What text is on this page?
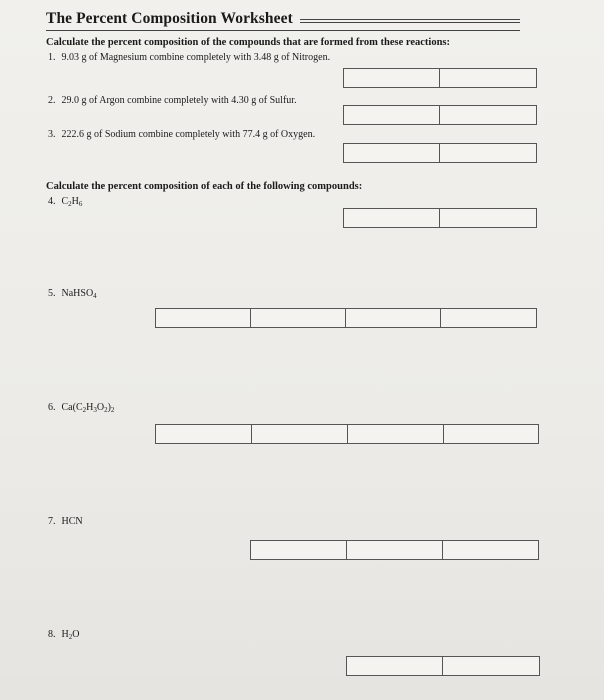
The Percent Composition Worksheet
Calculate the percent composition of the compounds that are formed from these reactions:
1. 9.03 g of Magnesium combine completely with 3.48 g of Nitrogen.
2. 29.0 g of Argon combine completely with 4.30 g of Sulfur.
3. 222.6 g of Sodium combine completely with 77.4 g of Oxygen.
Calculate the percent composition of each of the following compounds:
4. $C_2H_6$
5. NaHSO$_4$
6. $Ca(C_2H_3O_2)_2$
7. HCN
8. $H_2O$
